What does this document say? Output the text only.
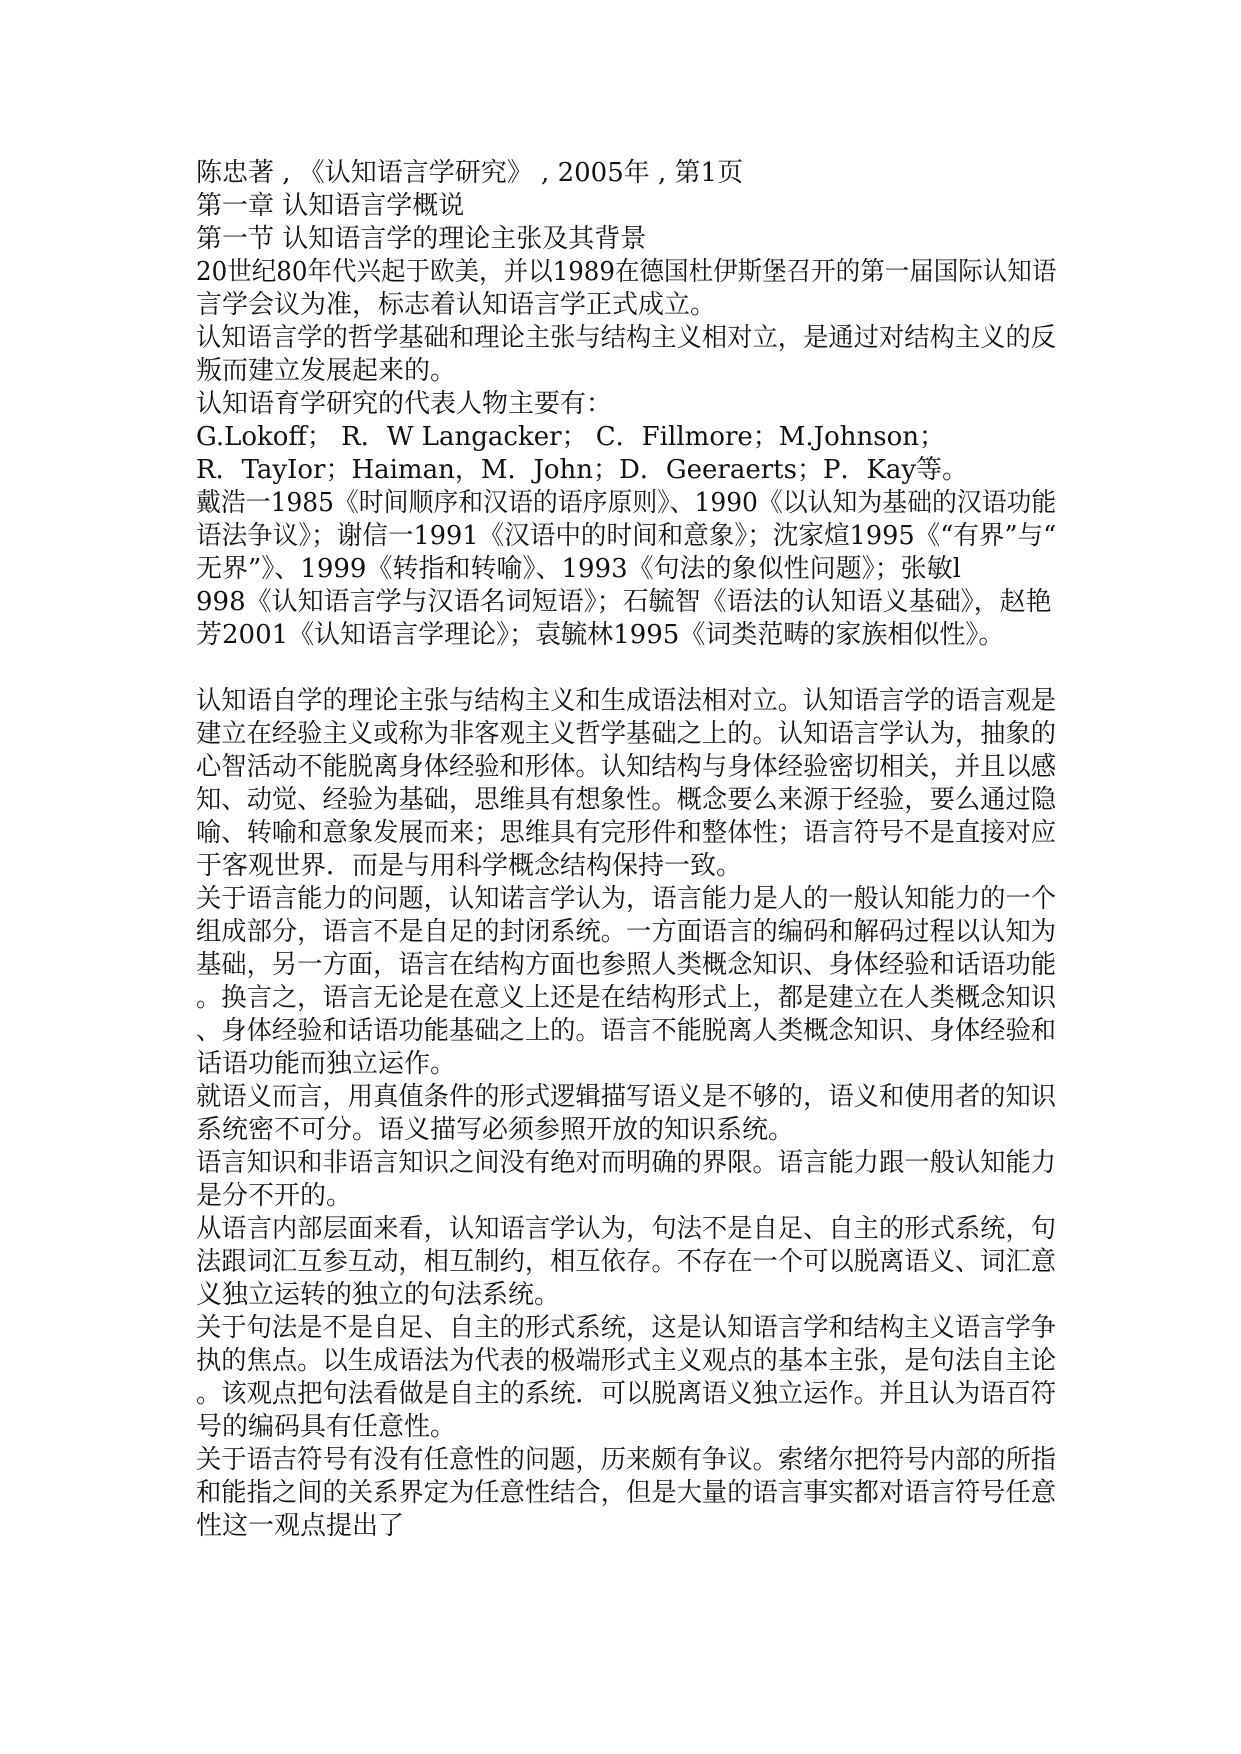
陈忠著 , 《认知语言学研究》 , 2005年 , 第1页
第一章 认知语言学概说
第一节 认知语言学的理论主张及其背景
20世纪80年代兴起于欧美，并以1989在德国杜伊斯堡召开的第一届国际认知语
言学会议为准，标志着认知语言学正式成立。
认知语言学的哲学基础和理论主张与结构主义相对立，是通过对结构主义的反
叛而建立发展起来的。
认知语育学研究的代表人物主要有：
G.Lokoff； R．W Langacker； C．Fillmore；M.Johnson；
R．TayIor；Haiman，M．John；D．Geeraerts；P．Kay等。
戴浩一1985《时间顺序和汉语的语序原则》、1990《以认知为基础的汉语功能
语法争议》；谢信一1991《汉语中的时间和意象》；沈家煊1995《“有界”与“
无界”》、1999《转指和转喻》、1993《句法的象似性问题》；张敏l
998《认知语言学与汉语名词短语》；石毓智《语法的认知语义基础》，赵艳
芳2001《认知语言学理论》；袁毓林1995《词类范畴的家族相似性》。
认知语自学的理论主张与结构主义和生成语法相对立。认知语言学的语言观是
建立在经验主义或称为非客观主义哲学基础之上的。认知语言学认为，抽象的
心智活动不能脱离身体经验和形体。认知结构与身体经验密切相关，并且以感
知、动觉、经验为基础，思维具有想象性。概念要么来源于经验，要么通过隐
喻、转喻和意象发展而来；思维具有完形件和整体性；语言符号不是直接对应
于客观世界．而是与用科学概念结构保持一致。
关于语言能力的问题，认知诺言学认为，语言能力是人的一般认知能力的一个
组成部分，语言不是自足的封闭系统。一方面语言的编码和解码过程以认知为
基础，另一方面，语言在结构方面也参照人类概念知识、身体经验和话语功能
。换言之，语言无论是在意义上还是在结构形式上，都是建立在人类概念知识
、身体经验和话语功能基础之上的。语言不能脱离人类概念知识、身体经验和
话语功能而独立运作。
就语义而言，用真值条件的形式逻辑描写语义是不够的，语义和使用者的知识
系统密不可分。语义描写必须参照开放的知识系统。
语言知识和非语言知识之间没有绝对而明确的界限。语言能力跟一般认知能力
是分不开的。
从语言内部层面来看，认知语言学认为，句法不是自足、自主的形式系统，句
法跟词汇互参互动，相互制约，相互依存。不存在一个可以脱离语义、词汇意
义独立运转的独立的句法系统。
关于句法是不是自足、自主的形式系统，这是认知语言学和结构主义语言学争
执的焦点。以生成语法为代表的极端形式主义观点的基本主张，是句法自主论
。该观点把句法看做是自主的系统．可以脱离语义独立运作。并且认为语百符
号的编码具有任意性。
关于语吉符号有没有任意性的问题，历来颇有争议。索绪尔把符号内部的所指
和能指之间的关系界定为任意性结合，但是大量的语言事实都对语言符号任意
性这一观点提出了
